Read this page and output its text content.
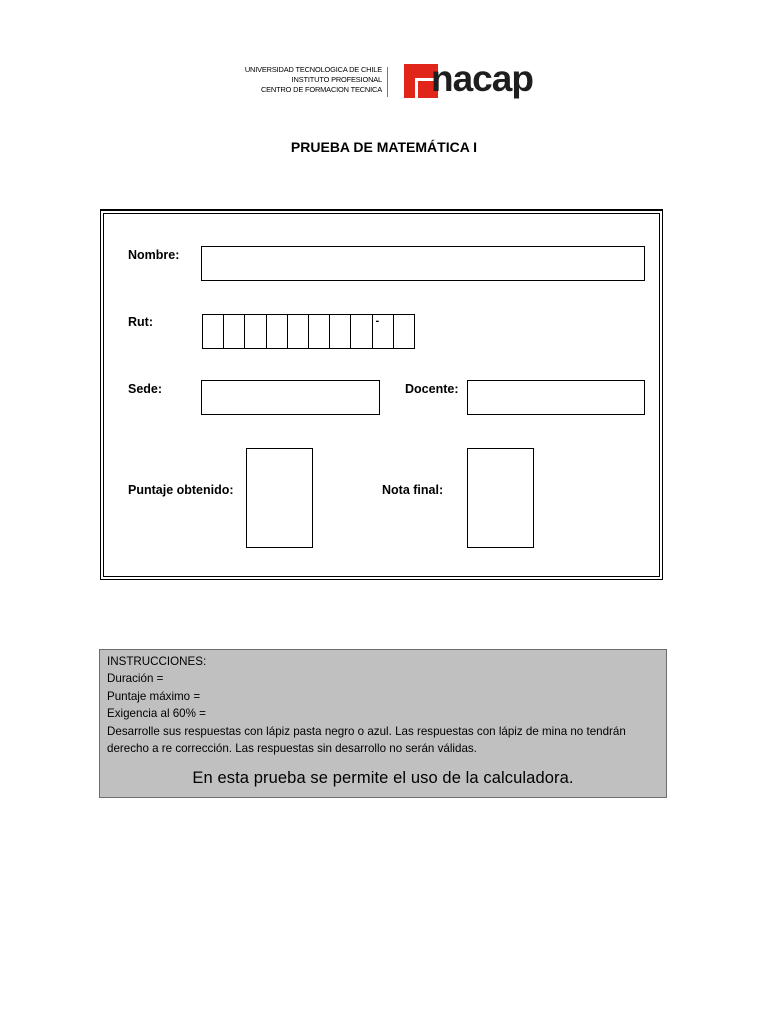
UNIVERSIDAD TECNOLOGICA DE CHILE
INSTITUTO PROFESIONAL
CENTRO DE FORMACION TECNICA nacap
PRUEBA DE MATEMÁTICA I
Nombre:
Rut:	-
Sede:	Docente:
Puntaje obtenido:	Nota final:
INSTRUCCIONES:
Duración =
Puntaje máximo =
Exigencia al 60% =
Desarrolle sus respuestas con lápiz pasta negro o azul. Las respuestas con lápiz de mina no tendrán derecho a re corrección. Las respuestas sin desarrollo no serán válidas.
En esta prueba se permite el uso de la calculadora.
